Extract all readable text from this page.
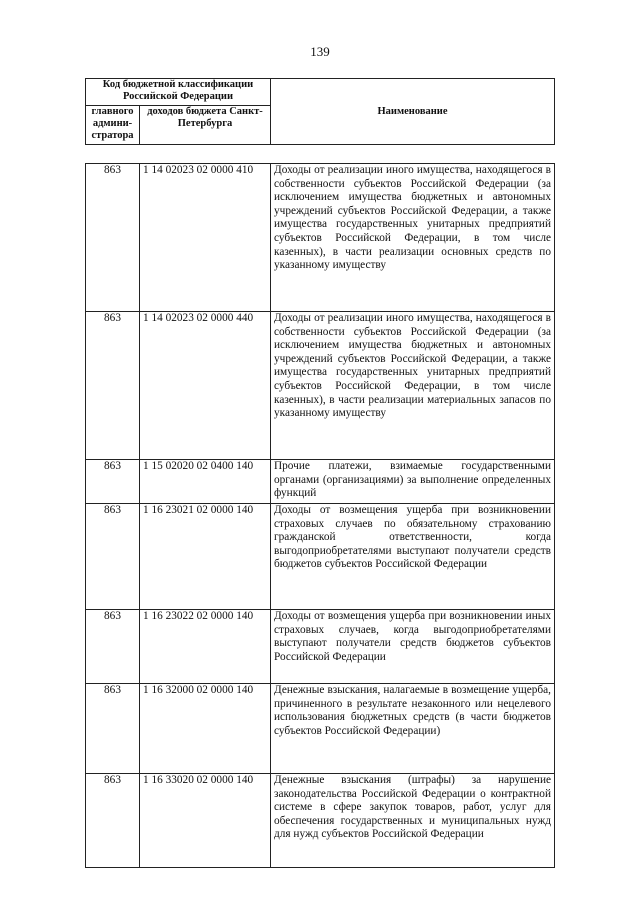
139
Код бюджетной классификации Российской Федерации		Наименование
главного админи-стратора	доходов бюджета Санкт-Петербурга	
863	1 14 02023 02 0000 410	Доходы от реализации иного имущества, находящегося в собственности субъектов Российской Федерации (за исключением имущества бюджетных и автономных учреждений субъектов Российской Федерации, а также имущества государственных унитарных предприятий субъектов Российской Федерации, в том числе казенных), в части реализации основных средств по указанному имуществу
863	1 14 02023 02 0000 440	Доходы от реализации иного имущества, находящегося в собственности субъектов Российской Федерации (за исключением имущества бюджетных и автономных учреждений субъектов Российской Федерации, а также имущества государственных унитарных предприятий субъектов Российской Федерации, в том числе казенных), в части реализации материальных запасов по указанному имуществу
863	1 15 02020 02 0400 140	Прочие платежи, взимаемые государственными органами (организациями) за выполнение определенных функций
863	1 16 23021 02 0000 140	Доходы от возмещения ущерба при возникновении страховых случаев по обязательному страхованию гражданской ответственности, когда выгодоприобретателями выступают получатели средств бюджетов субъектов Российской Федерации
863	1 16 23022 02 0000 140	Доходы от возмещения ущерба при возникновении иных страховых случаев, когда выгодоприобретателями выступают получатели средств бюджетов субъектов Российской Федерации
863	1 16 32000 02 0000 140	Денежные взыскания, налагаемые в возмещение ущерба, причиненного в результате незаконного или нецелевого использования бюджетных средств (в части бюджетов субъектов Российской Федерации)
863	1 16 33020 02 0000 140	Денежные взыскания (штрафы) за нарушение законодательства Российской Федерации о контрактной системе в сфере закупок товаров, работ, услуг для обеспечения государственных и муниципальных нужд для нужд субъектов Российской Федерации
